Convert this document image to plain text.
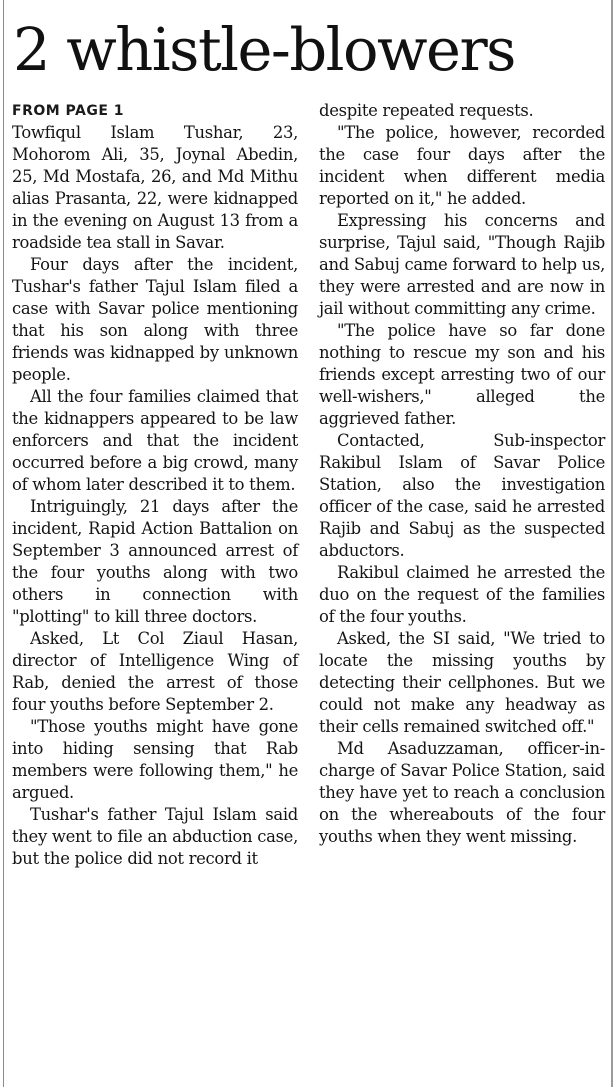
2 whistle-blowers
FROM PAGE 1

Towfiqul Islam Tushar, 23, Mohorom Ali, 35, Joynal Abedin, 25, Md Mostafa, 26, and Md Mithu alias Prasanta, 22, were kidnapped in the evening on August 13 from a roadside tea stall in Savar.

Four days after the incident, Tushar's father Tajul Islam filed a case with Savar police mentioning that his son along with three friends was kidnapped by unknown people.

All the four families claimed that the kidnappers appeared to be law enforcers and that the incident occurred before a big crowd, many of whom later described it to them.

Intriguingly, 21 days after the incident, Rapid Action Battalion on September 3 announced arrest of the four youths along with two others in connection with "plotting" to kill three doctors.

Asked, Lt Col Ziaul Hasan, director of Intelligence Wing of Rab, denied the arrest of those four youths before September 2.

"Those youths might have gone into hiding sensing that Rab members were following them," he argued.

Tushar's father Tajul Islam said they went to file an abduction case, but the police did not record it

despite repeated requests.

"The police, however, recorded the case four days after the incident when different media reported on it," he added.

Expressing his concerns and surprise, Tajul said, "Though Rajib and Sabuj came forward to help us, they were arrested and are now in jail without committing any crime.

"The police have so far done nothing to rescue my son and his friends except arresting two of our well-wishers," alleged the aggrieved father.

Contacted, Sub-inspector Rakibul Islam of Savar Police Station, also the investigation officer of the case, said he arrested Rajib and Sabuj as the suspected abductors.

Rakibul claimed he arrested the duo on the request of the families of the four youths.

Asked, the SI said, "We tried to locate the missing youths by detecting their cellphones. But we could not make any headway as their cells remained switched off."

Md Asaduzzaman, officer-in-charge of Savar Police Station, said they have yet to reach a conclusion on the whereabouts of the four youths when they went missing.
